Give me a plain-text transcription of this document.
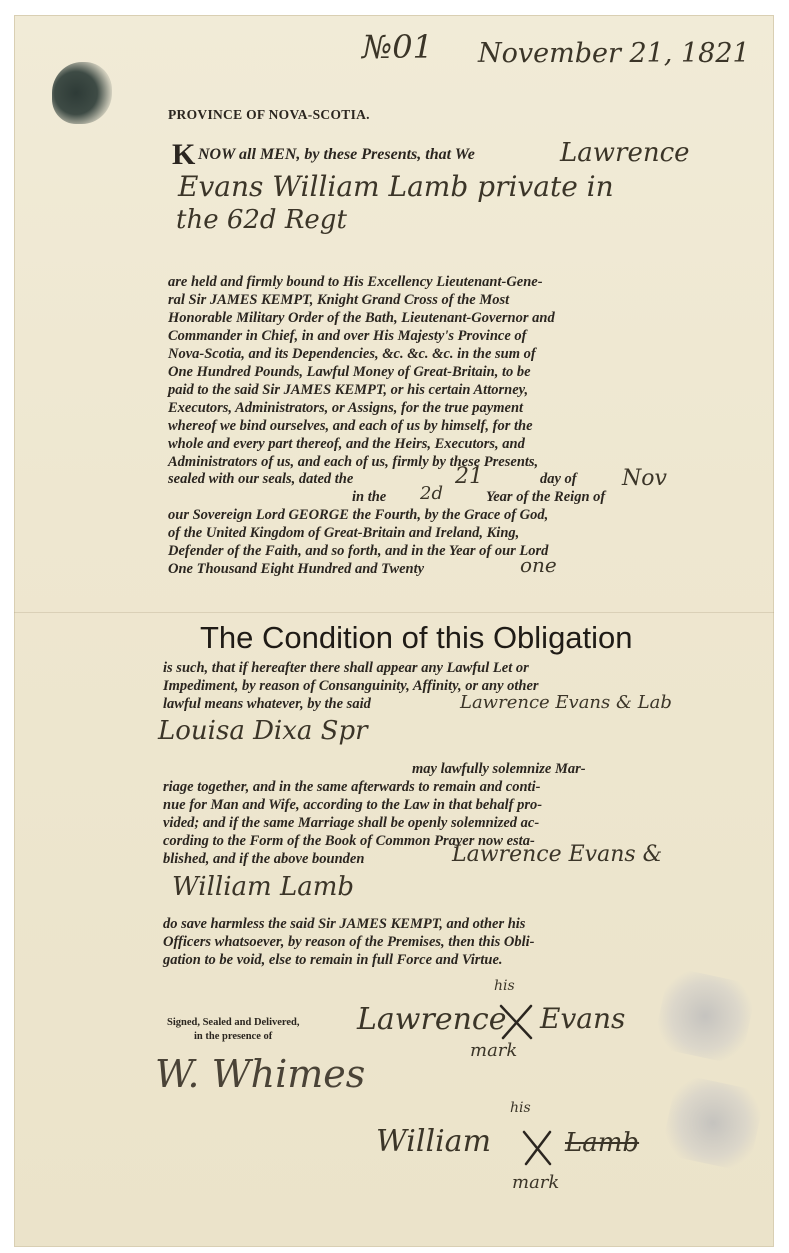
№01 November 21, 1821
PROVINCE OF NOVA-SCOTIA.
K NOW all MEN, by these Presents, that We	Lawrence
Evans William Lamb private in
the 62d Regt
are held and firmly bound to His Excellency Lieutenant-Gene-
ral Sir JAMES KEMPT, Knight Grand Cross of the Most
Honorable Military Order of the Bath, Lieutenant-Governor and
Commander in Chief, in and over His Majesty's Province of
Nova-Scotia, and its Dependencies, &c. &c. &c. in the sum of
One Hundred Pounds, Lawful Money of Great-Britain, to be
paid to the said Sir JAMES KEMPT, or his certain Attorney,
Executors, Administrators, or Assigns, for the true payment
whereof we bind ourselves, and each of us by himself, for the
whole and every part thereof, and the Heirs, Executors, and
Administrators of us, and each of us, firmly by these Presents,
sealed with our seals, dated the	21	day of Nov
in the 2d	Year of the Reign of
our Sovereign Lord GEORGE the Fourth, by the Grace of God,
of the United Kingdom of Great-Britain and Ireland, King,
Defender of the Faith, and so forth, and in the Year of our Lord
One Thousand Eight Hundred and Twenty	one
The Condition of this Obligation
is such, that if hereafter there shall appear any Lawful Let or
Impediment, by reason of Consanguinity, Affinity, or any other
lawful means whatever, by the said	Lawrence Evans & Lab
Louisa Dixa Spr
may lawfully solemnize Mar-
riage together, and in the same afterwards to remain and conti-
nue for Man and Wife, according to the Law in that behalf pro-
vided; and if the same Marriage shall be openly solemnized ac-
cording to the Form of the Book of Common Prayer now esta-
blished, and if the above bounden	Lawrence Evans &
William Lamb
do save harmless the said Sir JAMES KEMPT, and other his
Officers whatsoever, by reason of the Premises, then this Obli-
gation to be void, else to remain in full Force and Virtue.
Signed, Sealed and Delivered,
in the presence of
W. Whimes
Lawrence
his
Evans
mark
William
his
Lamb
mark
